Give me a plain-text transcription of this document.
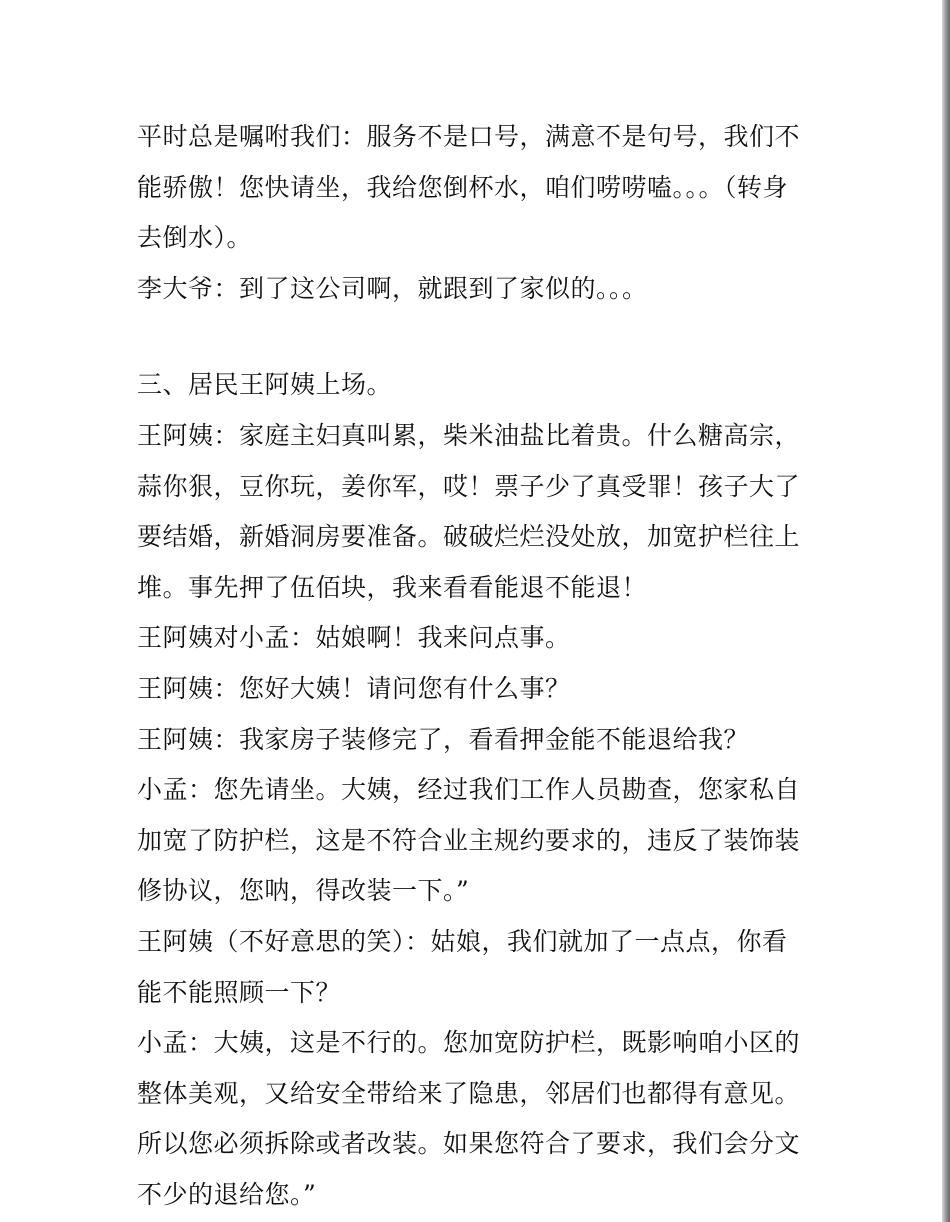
平时总是嘱咐我们：服务不是口号，满意不是句号，我们不
能骄傲！您快请坐，我给您倒杯水，咱们唠唠嗑。。。（转身
去倒水）。
李大爷：到了这公司啊，就跟到了家似的。。。
三、居民王阿姨上场。
王阿姨：家庭主妇真叫累，柴米油盐比着贵。什么糖高宗，
蒜你狠，豆你玩，姜你军，哎！票子少了真受罪！孩子大了
要结婚，新婚洞房要准备。破破烂烂没处放，加宽护栏往上
堆。事先押了伍佰块，我来看看能退不能退！
王阿姨对小孟：姑娘啊！我来问点事。
王阿姨：您好大姨！请问您有什么事？
王阿姨：我家房子装修完了，看看押金能不能退给我？
小孟：您先请坐。大姨，经过我们工作人员勘查，您家私自
加宽了防护栏，这是不符合业主规约要求的，违反了装饰装
修协议，您呐，得改装一下。”
王阿姨（不好意思的笑）：姑娘，我们就加了一点点，你看
能不能照顾一下？
小孟：大姨，这是不行的。您加宽防护栏，既影响咱小区的
整体美观，又给安全带给来了隐患，邻居们也都得有意见。
所以您必须拆除或者改装。如果您符合了要求，我们会分文
不少的退给您。”
